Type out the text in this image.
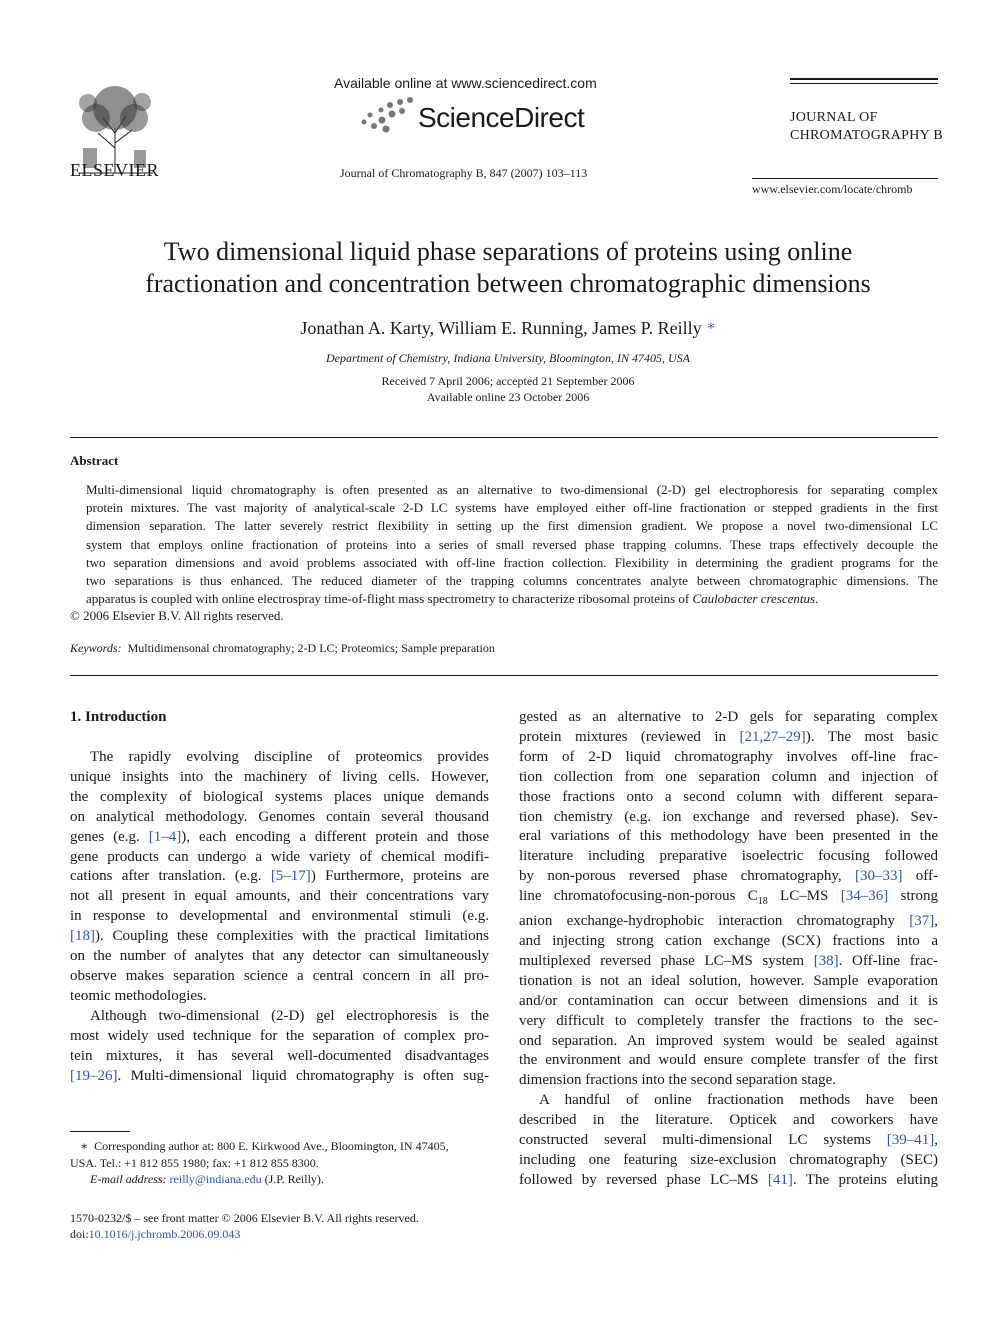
ELSEVIER
Available online at www.sciencedirect.com
ScienceDirect
Journal of Chromatography B, 847 (2007) 103–113
JOURNAL OF
CHROMATOGRAPHY B
www.elsevier.com/locate/chromb
Two dimensional liquid phase separations of proteins using online
fractionation and concentration between chromatographic dimensions
Jonathan A. Karty, William E. Running, James P. Reilly ∗
Department of Chemistry, Indiana University, Bloomington, IN 47405, USA
Received 7 April 2006; accepted 21 September 2006
Available online 23 October 2006
Abstract
Multi-dimensional liquid chromatography is often presented as an alternative to two-dimensional (2-D) gel electrophoresis for separating complex
protein mixtures. The vast majority of analytical-scale 2-D LC systems have employed either off-line fractionation or stepped gradients in the first
dimension separation. The latter severely restrict flexibility in setting up the first dimension gradient. We propose a novel two-dimensional LC
system that employs online fractionation of proteins into a series of small reversed phase trapping columns. These traps effectively decouple the
two separation dimensions and avoid problems associated with off-line fraction collection. Flexibility in determining the gradient programs for the
two separations is thus enhanced. The reduced diameter of the trapping columns concentrates analyte between chromatographic dimensions. The
apparatus is coupled with online electrospray time-of-flight mass spectrometry to characterize ribosomal proteins of Caulobacter crescentus.
© 2006 Elsevier B.V. All rights reserved.
Keywords: Multidimensonal chromatography; 2-D LC; Proteomics; Sample preparation
1. Introduction
The rapidly evolving discipline of proteomics provides
unique insights into the machinery of living cells. However,
the complexity of biological systems places unique demands
on analytical methodology. Genomes contain several thousand
genes (e.g. [1–4]), each encoding a different protein and those
gene products can undergo a wide variety of chemical modifi-
cations after translation. (e.g. [5–17]) Furthermore, proteins are
not all present in equal amounts, and their concentrations vary
in response to developmental and environmental stimuli (e.g.
[18]). Coupling these complexities with the practical limitations
on the number of analytes that any detector can simultaneously
observe makes separation science a central concern in all pro-
teomic methodologies.
Although two-dimensional (2-D) gel electrophoresis is the
most widely used technique for the separation of complex pro-
tein mixtures, it has several well-documented disadvantages
[19–26]. Multi-dimensional liquid chromatography is often sug-
gested as an alternative to 2-D gels for separating complex
protein mixtures (reviewed in [21,27–29]). The most basic
form of 2-D liquid chromatography involves off-line frac-
tion collection from one separation column and injection of
those fractions onto a second column with different separa-
tion chemistry (e.g. ion exchange and reversed phase). Sev-
eral variations of this methodology have been presented in the
literature including preparative isoelectric focusing followed
by non-porous reversed phase chromatography, [30–33] off-
line chromatofocusing-non-porous $C_{18}$ LC–MS [34–36] strong
anion exchange-hydrophobic interaction chromatography [37],
and injecting strong cation exchange (SCX) fractions into a
multiplexed reversed phase LC–MS system [38]. Off-line frac-
tionation is not an ideal solution, however. Sample evaporation
and/or contamination can occur between dimensions and it is
very difficult to completely transfer the fractions to the sec-
ond separation. An improved system would be sealed against
the environment and would ensure complete transfer of the first
dimension fractions into the second separation stage.
A handful of online fractionation methods have been
described in the literature. Opticek and coworkers have
constructed several multi-dimensional LC systems [39–41],
including one featuring size-exclusion chromatography (SEC)
followed by reversed phase LC–MS [41]. The proteins eluting
∗ Corresponding author at: 800 E. Kirkwood Ave., Bloomington, IN 47405,
USA. Tel.: +1 812 855 1980; fax: +1 812 855 8300.
E-mail address: reilly@indiana.edu (J.P. Reilly).
1570-0232/$ – see front matter © 2006 Elsevier B.V. All rights reserved.
doi:10.1016/j.jchromb.2006.09.043
